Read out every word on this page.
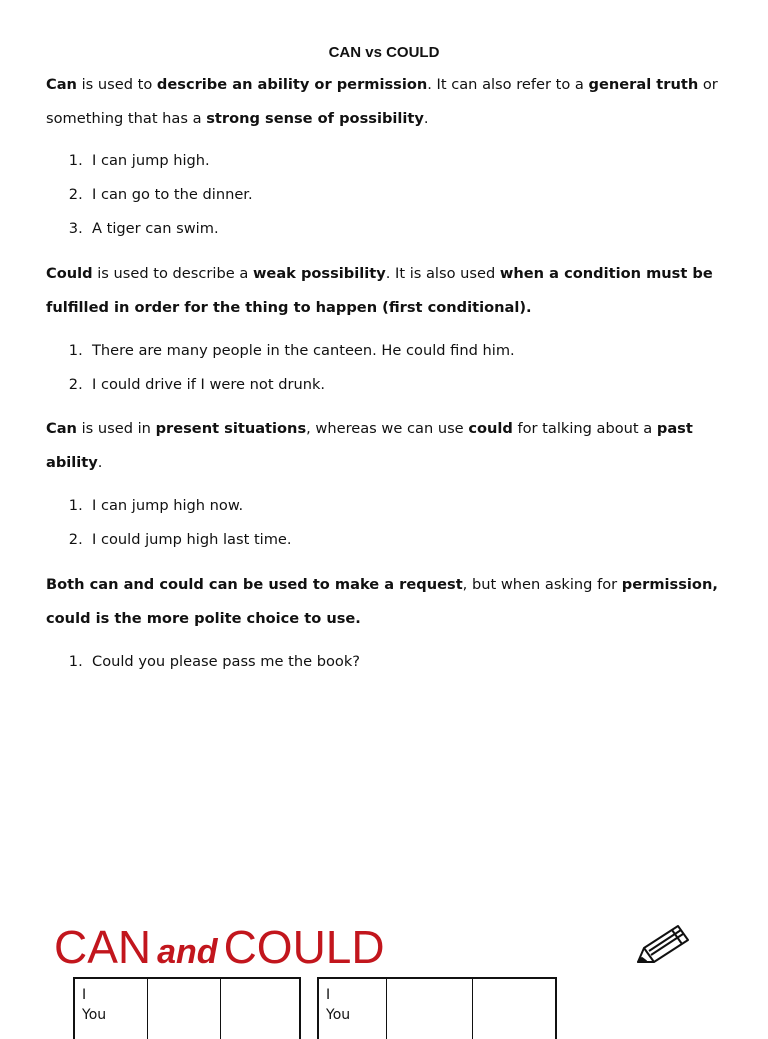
CAN vs COULD

Can is used to describe an ability or permission. It can also refer to a general truth or something that has a strong sense of possibility.

1.  I can jump high.
2.  I can go to the dinner.
3.  A tiger can swim.

Could is used to describe a weak possibility. It is also used when a condition must be fulfilled in order for the thing to happen (first conditional).

1.  There are many people in the canteen. He could find him.
2.  I could drive if I were not drunk.

Can is used in present situations, whereas we can use could for talking about a past ability.

1.  I can jump high now.
2.  I could jump high last time.

Both can and could can be used to make a request, but when asking for permission, could is the more polite choice to use.

1.  Could you please pass me the book?
CAN and COULD
I
You
I
You
